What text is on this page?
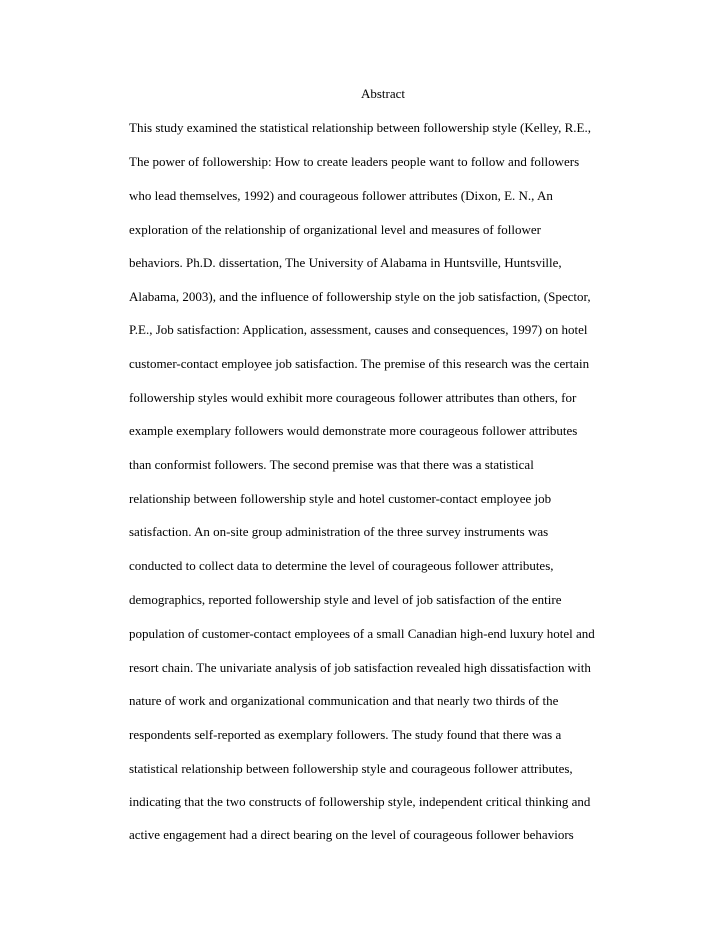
Abstract
This study examined the statistical relationship between followership style (Kelley, R.E.,
The power of followership: How to create leaders people want to follow and followers
who lead themselves, 1992) and courageous follower attributes (Dixon, E. N., An
exploration of the relationship of organizational level and measures of follower
behaviors. Ph.D. dissertation, The University of Alabama in Huntsville, Huntsville,
Alabama, 2003), and the influence of followership style on the job satisfaction, (Spector,
P.E., Job satisfaction: Application, assessment, causes and consequences, 1997) on hotel
customer-contact employee job satisfaction. The premise of this research was the certain
followership styles would exhibit more courageous follower attributes than others, for
example exemplary followers would demonstrate more courageous follower attributes
than conformist followers. The second premise was that there was a statistical
relationship between followership style and hotel customer-contact employee job
satisfaction. An on-site group administration of the three survey instruments was
conducted to collect data to determine the level of courageous follower attributes,
demographics, reported followership style and level of job satisfaction of the entire
population of customer-contact employees of a small Canadian high-end luxury hotel and
resort chain. The univariate analysis of job satisfaction revealed high dissatisfaction with
nature of work and organizational communication and that nearly two thirds of the
respondents self-reported as exemplary followers. The study found that there was a
statistical relationship between followership style and courageous follower attributes,
indicating that the two constructs of followership style, independent critical thinking and
active engagement had a direct bearing on the level of courageous follower behaviors
